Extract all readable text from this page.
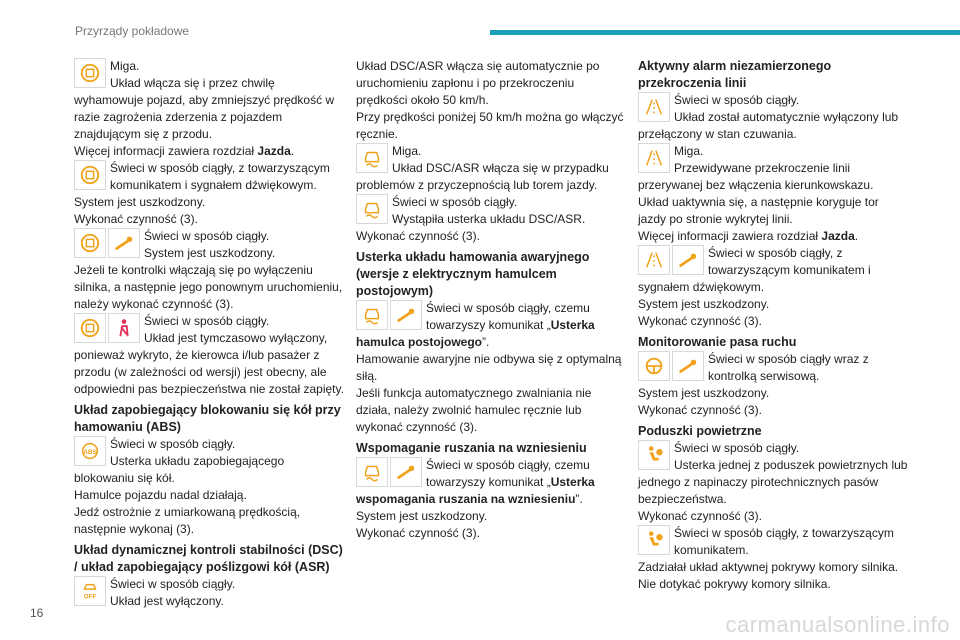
Przyrządy pokładowe

Miga.

Układ włącza się i przez chwilę wyhamowuje pojazd, aby zmniejszyć prędkość w razie zagrożenia zderzenia z pojazdem znajdującym się z przodu.

Więcej informacji zawiera rozdział Jazda.

Świeci w sposób ciągły, z towarzyszącym komunikatem i sygnałem dźwiękowym.

System jest uszkodzony.

Wykonać czynność (3).

Świeci w sposób ciągły.

System jest uszkodzony.

Jeżeli te kontrolki włączają się po wyłączeniu silnika, a następnie jego ponownym uruchomieniu, należy wykonać czynność (3).

Świeci w sposób ciągły.

Układ jest tymczasowo wyłączony, ponieważ wykryto, że kierowca i/lub pasażer z przodu (w zależności od wersji) jest obecny, ale odpowiedni pas bezpieczeństwa nie został zapięty.

Układ zapobiegający blokowaniu się kół przy hamowaniu (ABS)

ABS

Świeci w sposób ciągły.

Usterka układu zapobiegającego blokowaniu się kół.

Hamulce pojazdu nadal działają.

Jedź ostrożnie z umiarkowaną prędkością, następnie wykonaj (3).

Układ dynamicznej kontroli stabilności (DSC) / układ zapobiegający poślizgowi kół (ASR)

OFF

Świeci w sposób ciągły.

Układ jest wyłączony.

Układ DSC/ASR włącza się automatycznie po uruchomieniu zapłonu i po przekroczeniu prędkości około 50 km/h.

Przy prędkości poniżej 50 km/h można go włączyć ręcznie.

Miga.

Układ DSC/ASR włącza się w przypadku problemów z przyczepnością lub torem jazdy.

Świeci w sposób ciągły.

Wystąpiła usterka układu DSC/ASR.

Wykonać czynność (3).

Usterka układu hamowania awaryjnego (wersje z elektrycznym hamulcem postojowym)

Świeci w sposób ciągły, czemu towarzyszy komunikat „Usterka hamulca postojowego”.

Hamowanie awaryjne nie odbywa się z optymalną siłą.

Jeśli funkcja automatycznego zwalniania nie działa, należy zwolnić hamulec ręcznie lub wykonać czynność (3).

Wspomaganie ruszania na wzniesieniu

Świeci w sposób ciągły, czemu towarzyszy komunikat „Usterka wspomagania ruszania na wzniesieniu”.

System jest uszkodzony.

Wykonać czynność (3).

Aktywny alarm niezamierzonego przekroczenia linii

Świeci w sposób ciągły.

Układ został automatycznie wyłączony lub przełączony w stan czuwania.

Miga.

Przewidywane przekroczenie linii przerywanej bez włączenia kierunkowskazu.

Układ uaktywnia się, a następnie koryguje tor jazdy po stronie wykrytej linii.

Więcej informacji zawiera rozdział Jazda.

Świeci w sposób ciągły, z towarzyszącym komunikatem i sygnałem dźwiękowym.

System jest uszkodzony.

Wykonać czynność (3).

Monitorowanie pasa ruchu

Świeci w sposób ciągły wraz z kontrolką serwisową.

System jest uszkodzony.

Wykonać czynność (3).

Poduszki powietrzne

Świeci w sposób ciągły.

Usterka jednej z poduszek powietrznych lub jednego z napinaczy pirotechnicznych pasów bezpieczeństwa.

Wykonać czynność (3).

Świeci w sposób ciągły, z towarzyszącym komunikatem.

Zadziałał układ aktywnej pokrywy komory silnika.

Nie dotykać pokrywy komory silnika.

16	carmanualsonline.info
